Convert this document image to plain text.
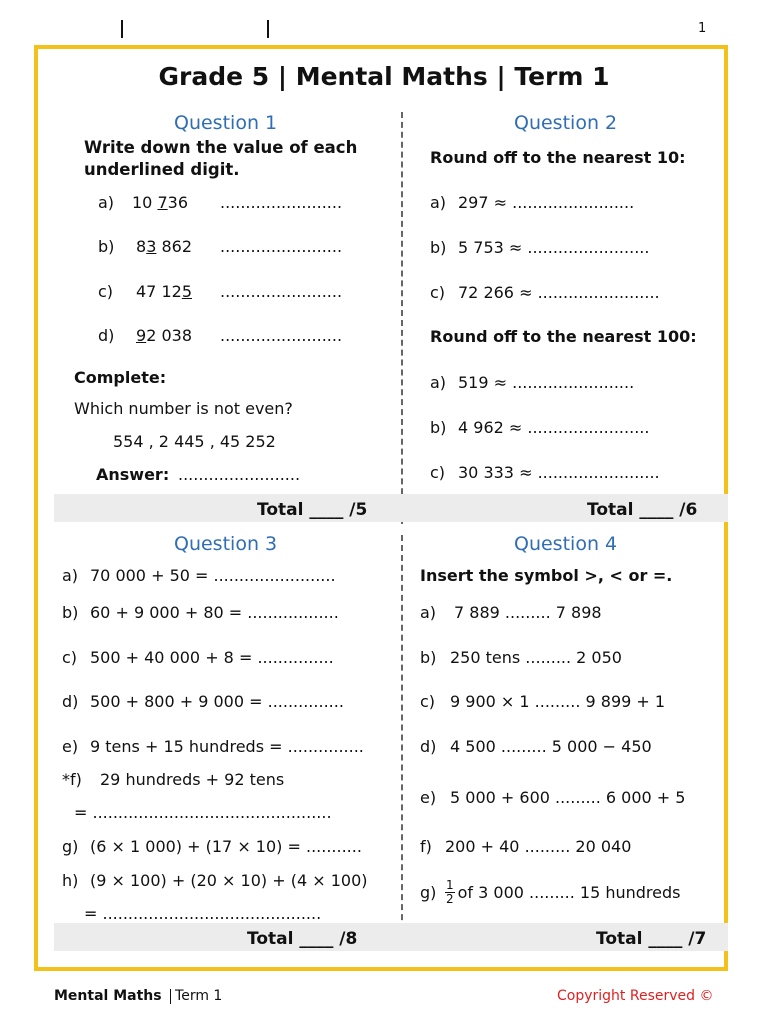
1
Grade 5 | Mental Maths | Term 1
Question 1
Write down the value of each underlined digit.
a) 10 736 ........................
b) 83 862 ........................
c) 47 125 ........................
d) 92 038 ........................
Complete:
Which number is not even?
554 , 2 445 , 45 252
Answer: ........................
Total ____ /5
Question 2
Round off to the nearest 10:
a) 297 ≈ ........................
b) 5 753 ≈ ........................
c) 72 266 ≈ ........................
Round off to the nearest 100:
a) 519 ≈ ........................
b) 4 962 ≈ ........................
c) 30 333 ≈ ........................
Total ____ /6
Question 3
a) 70 000 + 50 = ........................
b) 60 + 9 000 + 80 = ..................
c) 500 + 40 000 + 8 = ...............
d) 500 + 800 + 9 000 = ...............
e) 9 tens + 15 hundreds = ...............
*f) 29 hundreds + 92 tens
= ...............................................
g) (6 × 1 000) + (17 × 10) = ...........
h) (9 × 100) + (20 × 10) + (4 × 100)
= ...........................................
Total ____ /8
Question 4
Insert the symbol >, < or =.
a) 7 889 ......... 7 898
b) 250 tens ......... 2 050
c) 9 900 × 1 ......... 9 899 + 1
d) 4 500 ......... 5 000 − 450
e) 5 000 + 600 ......... 6 000 + 5
f) 200 + 40 ......... 20 040
$g) \frac{1}{2}$ of 3 000 ......... 15 hundreds
Total ____ /7
Mental Maths Term 1	Copyright Reserved ©
